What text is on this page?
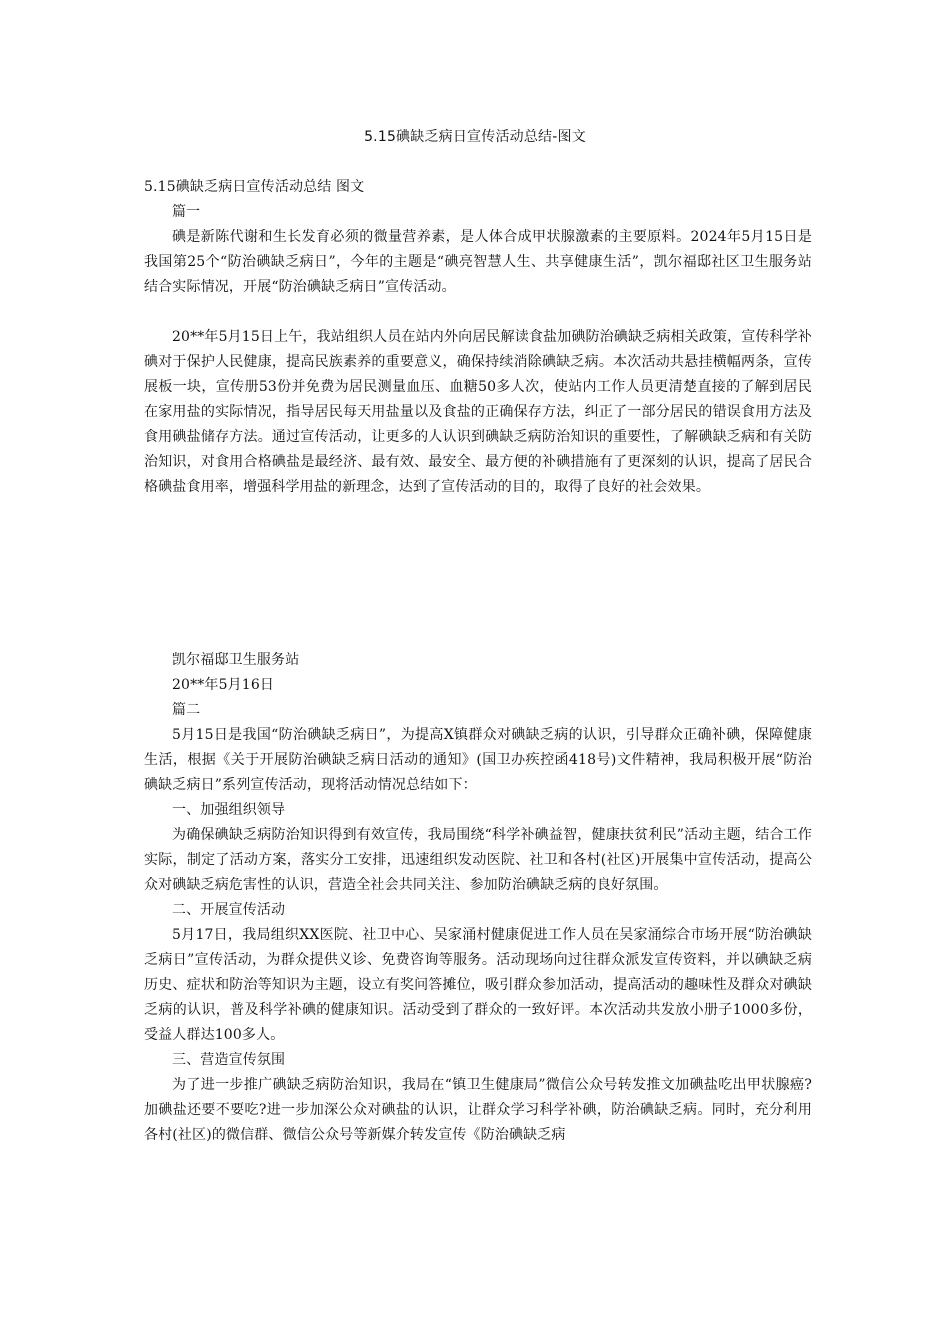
5.15碘缺乏病日宣传活动总结-图文

5.15碘缺乏病日宣传活动总结 图文

篇一

碘是新陈代谢和生长发育必须的微量营养素，是人体合成甲状腺激素的主要原料。2024年5月15日是我国第25个“防治碘缺乏病日”，今年的主题是“碘亮智慧人生、共享健康生活”，凯尔福邸社区卫生服务站结合实际情况，开展“防治碘缺乏病日”宣传活动。

20**年5月15日上午，我站组织人员在站内外向居民解读食盐加碘防治碘缺乏病相关政策，宣传科学补碘对于保护人民健康，提高民族素养的重要意义，确保持续消除碘缺乏病。本次活动共悬挂横幅两条，宣传展板一块，宣传册53份并免费为居民测量血压、血糖50多人次，使站内工作人员更清楚直接的了解到居民在家用盐的实际情况，指导居民每天用盐量以及食盐的正确保存方法，纠正了一部分居民的错误食用方法及食用碘盐储存方法。通过宣传活动，让更多的人认识到碘缺乏病防治知识的重要性，了解碘缺乏病和有关防治知识，对食用合格碘盐是最经济、最有效、最安全、最方便的补碘措施有了更深刻的认识，提高了居民合格碘盐食用率，增强科学用盐的新理念，达到了宣传活动的目的，取得了良好的社会效果。

凯尔福邸卫生服务站

20**年5月16日

篇二

5月15日是我国“防治碘缺乏病日”，为提高X镇群众对碘缺乏病的认识，引导群众正确补碘，保障健康生活，根据《关于开展防治碘缺乏病日活动的通知》(国卫办疾控函418号)文件精神，我局积极开展“防治碘缺乏病日”系列宣传活动，现将活动情况总结如下：

一、加强组织领导

为确保碘缺乏病防治知识得到有效宣传，我局围绕“科学补碘益智，健康扶贫利民”活动主题，结合工作实际，制定了活动方案，落实分工安排，迅速组织发动医院、社卫和各村(社区)开展集中宣传活动，提高公众对碘缺乏病危害性的认识，营造全社会共同关注、参加防治碘缺乏病的良好氛围。

二、开展宣传活动

5月17日，我局组织XX医院、社卫中心、吴家涌村健康促进工作人员在吴家涌综合市场开展“防治碘缺乏病日”宣传活动，为群众提供义诊、免费咨询等服务。活动现场向过往群众派发宣传资料，并以碘缺乏病历史、症状和防治等知识为主题，设立有奖问答摊位，吸引群众参加活动，提高活动的趣味性及群众对碘缺乏病的认识，普及科学补碘的健康知识。活动受到了群众的一致好评。本次活动共发放小册子1000多份，受益人群达100多人。

三、营造宣传氛围

为了进一步推广碘缺乏病防治知识，我局在“镇卫生健康局”微信公众号转发推文加碘盐吃出甲状腺癌?加碘盐还要不要吃?进一步加深公众对碘盐的认识，让群众学习科学补碘，防治碘缺乏病。同时，充分利用各村(社区)的微信群、微信公众号等新媒介转发宣传《防治碘缺乏病
